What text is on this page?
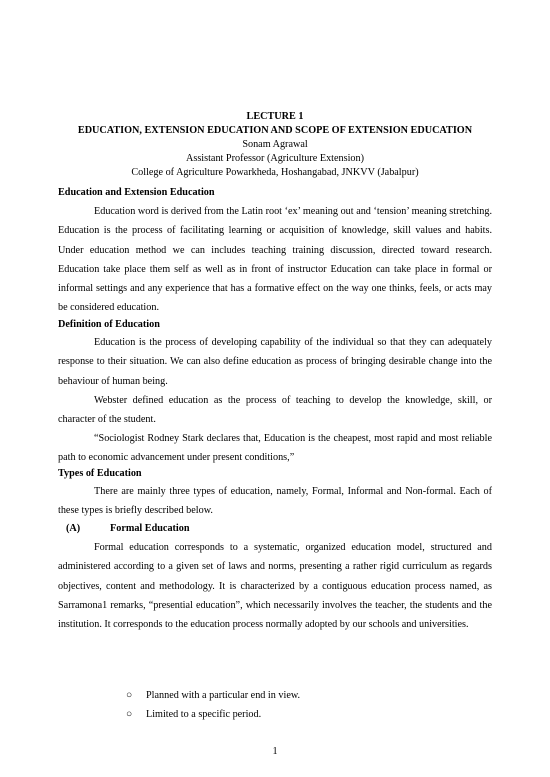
LECTURE 1
EDUCATION, EXTENSION EDUCATION AND SCOPE OF EXTENSION EDUCATION
Sonam Agrawal
Assistant Professor (Agriculture Extension)
College of Agriculture Powarkheda, Hoshangabad, JNKVV (Jabalpur)
Education and Extension Education
Education word is derived from the Latin root ‘ex’ meaning out and ‘tension’ meaning stretching. Education is the process of facilitating learning or acquisition of knowledge, skill values and habits. Under education method we can includes teaching training discussion, directed toward research. Education take place them self as well as in front of instructor Education can take place in formal or informal settings and any experience that has a formative effect on the way one thinks, feels, or acts may be considered education.
Definition of Education
Education is the process of developing capability of the individual so that they can adequately response to their situation. We can also define education as process of bringing desirable change into the behaviour of human being.
Webster defined education as the process of teaching to develop the knowledge, skill, or character of the student.
“Sociologist Rodney Stark declares that, Education is the cheapest, most rapid and most reliable path to economic advancement under present conditions,”
Types of Education
There are mainly three types of education, namely, Formal, Informal and Non-formal. Each of these types is briefly described below.
(A)	Formal Education
Formal education corresponds to a systematic, organized education model, structured and administered according to a given set of laws and norms, presenting a rather rigid curriculum as regards objectives, content and methodology. It is characterized by a contiguous education process named, as Sarramona1 remarks, “presential education”, which necessarily involves the teacher, the students and the institution. It corresponds to the education process normally adopted by our schools and universities.
○ Planned with a particular end in view.
○ Limited to a specific period.
1
